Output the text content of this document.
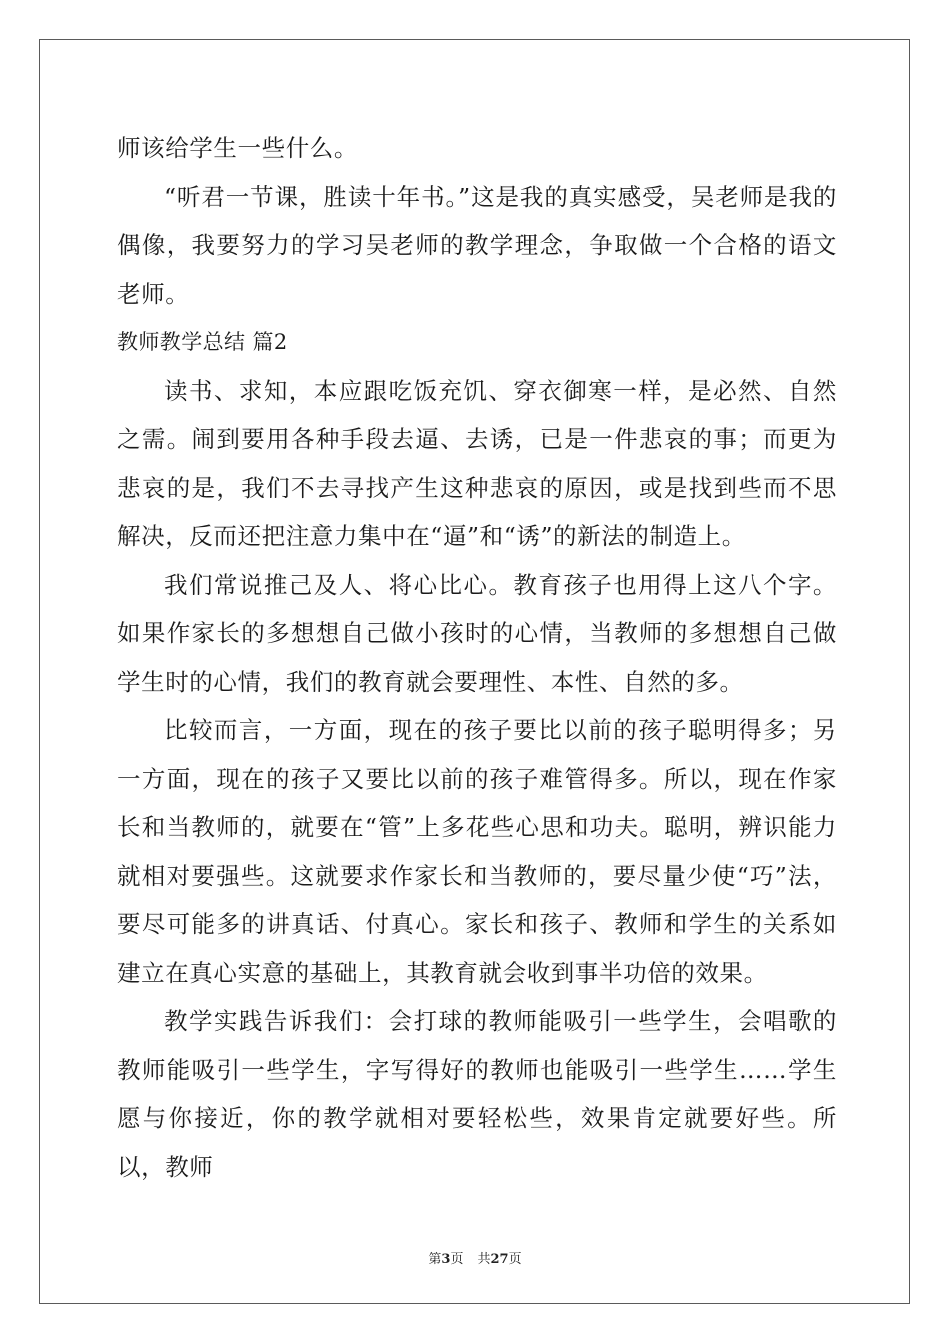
师该给学生一些什么。

“听君一节课，胜读十年书。”这是我的真实感受，吴老师是我的偶像，我要努力的学习吴老师的教学理念，争取做一个合格的语文老师。

教师教学总结 篇2

读书、求知，本应跟吃饭充饥、穿衣御寒一样，是必然、自然之需。闹到要用各种手段去逼、去诱，已是一件悲哀的事；而更为悲哀的是，我们不去寻找产生这种悲哀的原因，或是找到些而不思解决，反而还把注意力集中在“逼”和“诱”的新法的制造上。

我们常说推己及人、将心比心。教育孩子也用得上这八个字。如果作家长的多想想自己做小孩时的心情，当教师的多想想自己做学生时的心情，我们的教育就会要理性、本性、自然的多。

比较而言，一方面，现在的孩子要比以前的孩子聪明得多；另一方面，现在的孩子又要比以前的孩子难管得多。所以，现在作家长和当教师的，就要在“管”上多花些心思和功夫。聪明，辨识能力就相对要强些。这就要求作家长和当教师的，要尽量少使“巧”法，要尽可能多的讲真话、付真心。家长和孩子、教师和学生的关系如建立在真心实意的基础上，其教育就会收到事半功倍的效果。

教学实践告诉我们：会打球的教师能吸引一些学生，会唱歌的教师能吸引一些学生，字写得好的教师也能吸引一些学生……学生愿与你接近，你的教学就相对要轻松些，效果肯定就要好些。所以，教师

第3页 共27页
